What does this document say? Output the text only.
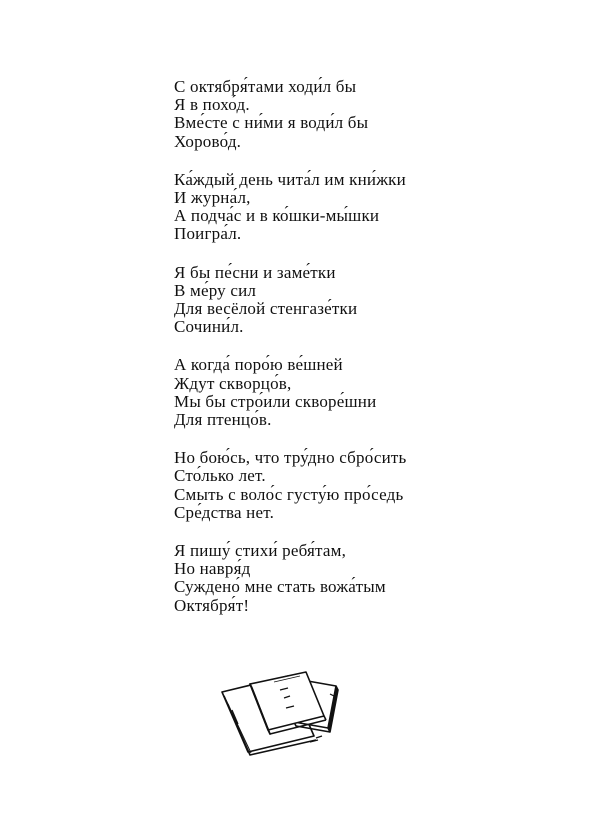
С октября́тами ходи́л бы
Я в похо́д.
Вме́сте с ни́ми я води́л бы
Хорово́д.
Ка́ждый день чита́л им кни́жки
И журна́л,
А подча́с и в ко́шки-мы́шки
Поигра́л.
Я бы пе́сни и заме́тки
В ме́ру сил
Для весёлой стенгазе́тки
Сочини́л.
А когда́ поро́ю ве́шней
Ждут скворцо́в,
Мы бы стро́или скворе́шни
Для птенцо́в.
Но бою́сь, что тру́дно сбро́сить
Сто́лько лет.
Смыть с воло́с густу́ю про́седь
Сре́дства нет.
Я пишу́ стихи́ ребя́там,
Но навря́д
Суждено́ мне стать вожа́тым
Октября́т!
